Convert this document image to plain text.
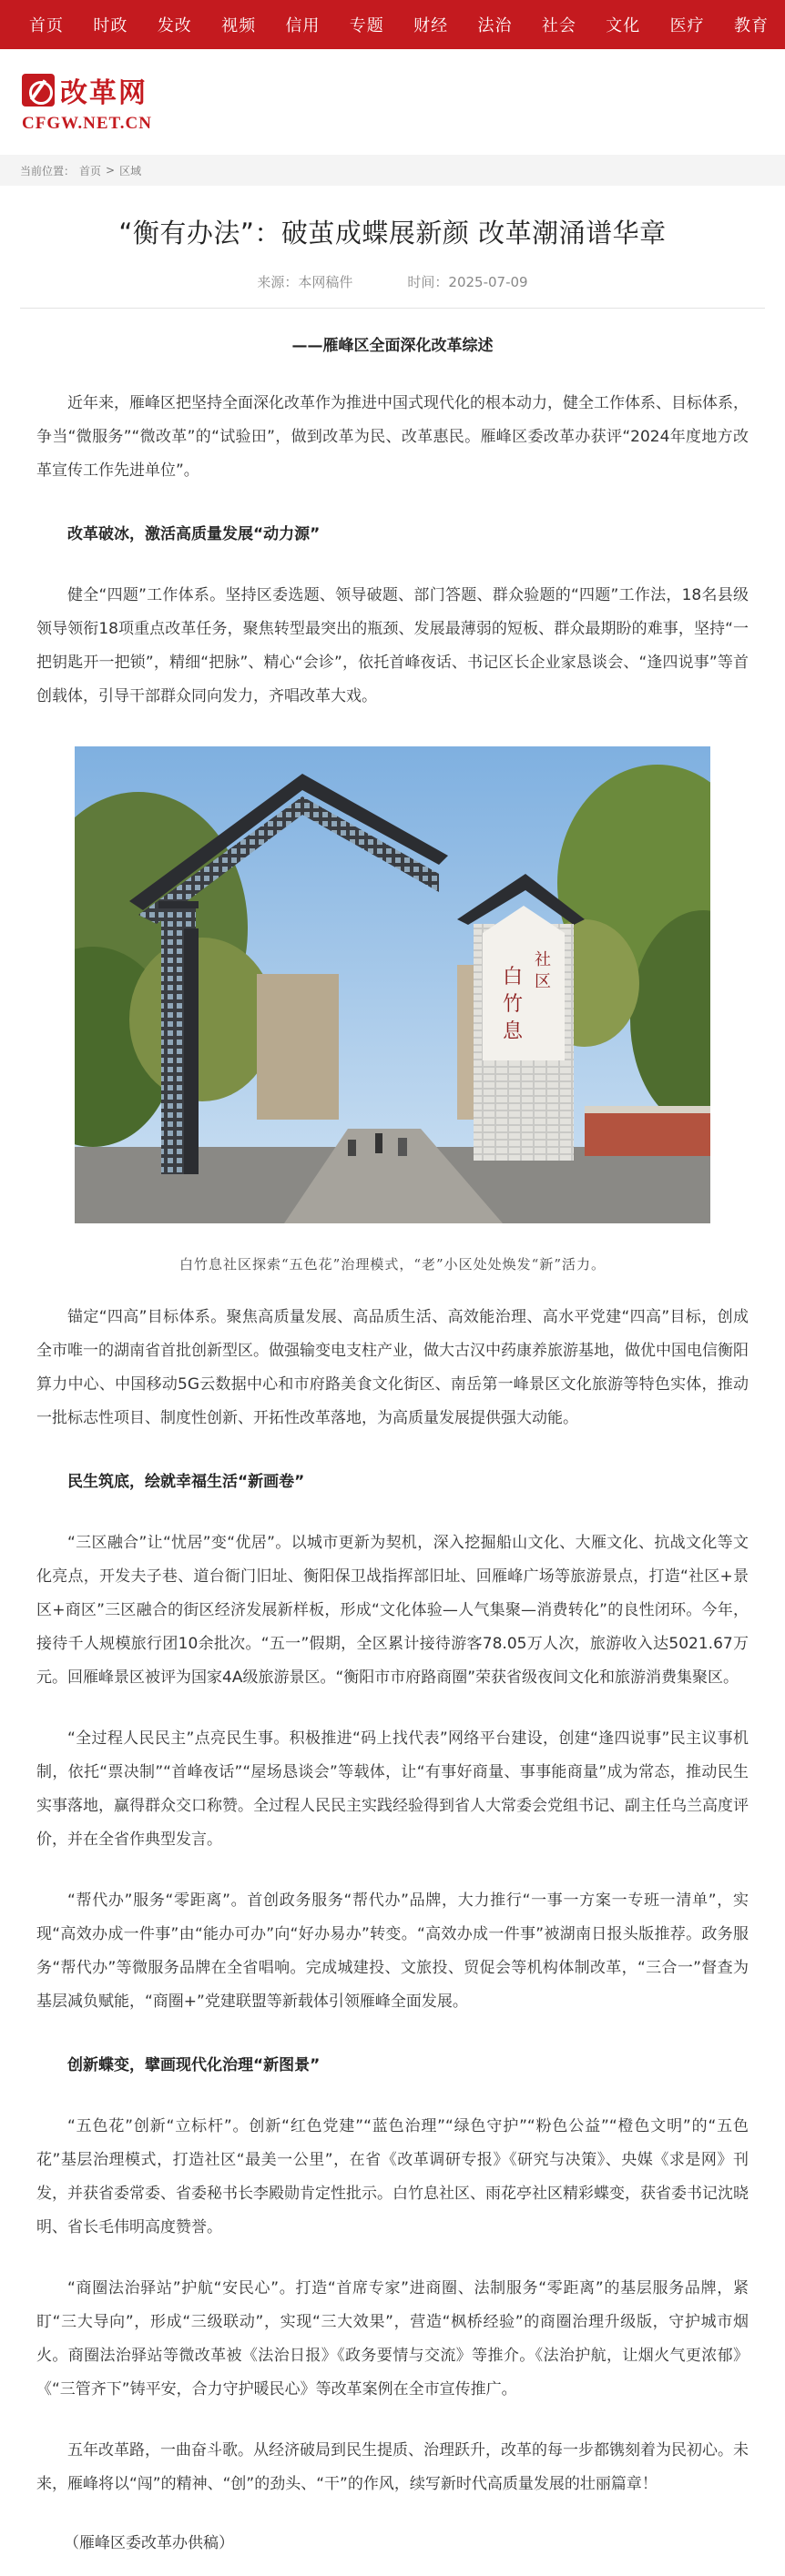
首页 时政 发改 视频 信用 专题 财经 法治 社会 文化 医疗 教育
改革网
CFGW.NET.CN
当前位置： 首页 > 区域
“衡有办法”：破茧成蝶展新颜 改革潮涌谱华章
来源：本网稿件	时间：2025-07-09
——雁峰区全面深化改革综述

近年来，雁峰区把坚持全面深化改革作为推进中国式现代化的根本动力，健全工作体系、目标体系，争当“微服务”“微改革”的“试验田”，做到改革为民、改革惠民。雁峰区委改革办获评“2024年度地方改革宣传工作先进单位”。

改革破冰，激活高质量发展“动力源”

健全“四题”工作体系。坚持区委选题、领导破题、部门答题、群众验题的“四题”工作法，18名县级领导领衔18项重点改革任务，聚焦转型最突出的瓶颈、发展最薄弱的短板、群众最期盼的难事，坚持“一把钥匙开一把锁”，精细“把脉”、精心“会诊”，依托首峰夜话、书记区长企业家恳谈会、“逢四说事”等首创载体，引导干部群众同向发力，齐唱改革大戏。

白
竹
息
社
区
白竹息社区探索“五色花”治理模式，“老”小区处处焕发“新”活力。

锚定“四高”目标体系。聚焦高质量发展、高品质生活、高效能治理、高水平党建“四高”目标，创成全市唯一的湖南省首批创新型区。做强输变电支柱产业，做大古汉中药康养旅游基地，做优中国电信衡阳算力中心、中国移动5G云数据中心和市府路美食文化街区、南岳第一峰景区文化旅游等特色实体，推动一批标志性项目、制度性创新、开拓性改革落地，为高质量发展提供强大动能。

民生筑底，绘就幸福生活“新画卷”

“三区融合”让“忧居”变“优居”。以城市更新为契机，深入挖掘船山文化、大雁文化、抗战文化等文化亮点，开发夫子巷、道台衙门旧址、衡阳保卫战指挥部旧址、回雁峰广场等旅游景点，打造“社区+景区+商区”三区融合的街区经济发展新样板，形成“文化体验—人气集聚—消费转化”的良性闭环。今年，接待千人规模旅行团10余批次。“五一”假期，全区累计接待游客78.05万人次，旅游收入达5021.67万元。回雁峰景区被评为国家4A级旅游景区。“衡阳市市府路商圈”荣获省级夜间文化和旅游消费集聚区。

“全过程人民民主”点亮民生事。积极推进“码上找代表”网络平台建设，创建“逢四说事”民主议事机制，依托“票决制”“首峰夜话”“屋场恳谈会”等载体，让“有事好商量、事事能商量”成为常态，推动民生实事落地，赢得群众交口称赞。全过程人民民主实践经验得到省人大常委会党组书记、副主任乌兰高度评价，并在全省作典型发言。

“帮代办”服务“零距离”。首创政务服务“帮代办”品牌，大力推行“一事一方案一专班一清单”，实现“高效办成一件事”由“能办可办”向“好办易办”转变。“高效办成一件事”被湖南日报头版推荐。政务服务“帮代办”等微服务品牌在全省唱响。完成城建投、文旅投、贸促会等机构体制改革，“三合一”督查为基层减负赋能，“商圈+”党建联盟等新载体引领雁峰全面发展。

创新蝶变，擘画现代化治理“新图景”

“五色花”创新“立标杆”。创新“红色党建”“蓝色治理”“绿色守护”“粉色公益”“橙色文明”的“五色花”基层治理模式，打造社区“最美一公里”，在省《改革调研专报》《研究与决策》、央媒《求是网》刊发，并获省委常委、省委秘书长李殿勋肯定性批示。白竹息社区、雨花亭社区精彩蝶变，获省委书记沈晓明、省长毛伟明高度赞誉。

“商圈法治驿站”护航“安民心”。打造“首席专家”进商圈、法制服务“零距离”的基层服务品牌，紧盯“三大导向”，形成“三级联动”，实现“三大效果”，营造“枫桥经验”的商圈治理升级版，守护城市烟火。商圈法治驿站等微改革被《法治日报》《政务要情与交流》等推介。《法治护航，让烟火气更浓郁》《“三管齐下”铸平安，合力守护暖民心》等改革案例在全市宣传推广。

五年改革路，一曲奋斗歌。从经济破局到民生提质、治理跃升，改革的每一步都镌刻着为民初心。未来，雁峰将以“闯”的精神、“创”的劲头、“干”的作风，续写新时代高质量发展的壮丽篇章！

（雁峰区委改革办供稿）
